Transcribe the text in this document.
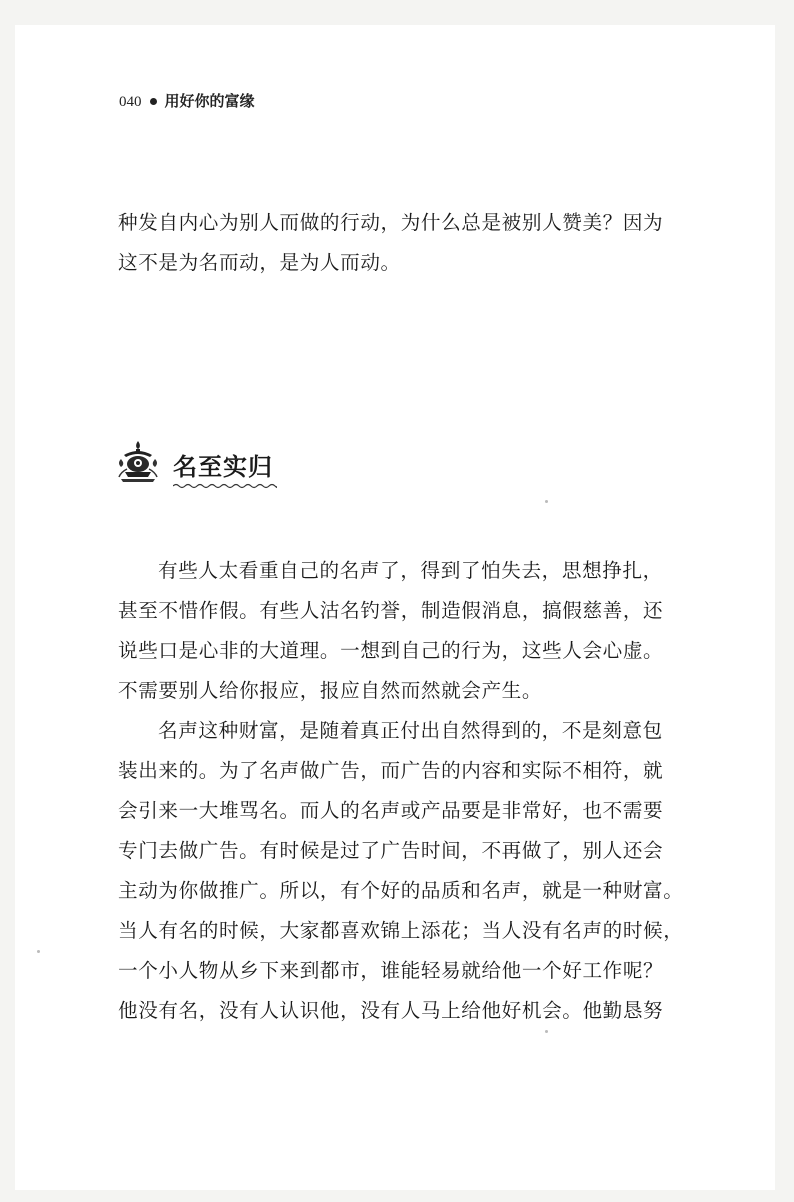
040 用好你的富缘
种发自内心为别人而做的行动，为什么总是被别人赞美？因为
这不是为名而动，是为人而动。
名至实归
有些人太看重自己的名声了，得到了怕失去，思想挣扎，
甚至不惜作假。有些人沽名钓誉，制造假消息，搞假慈善，还
说些口是心非的大道理。一想到自己的行为，这些人会心虚。
不需要别人给你报应，报应自然而然就会产生。
名声这种财富，是随着真正付出自然得到的，不是刻意包
装出来的。为了名声做广告，而广告的内容和实际不相符，就
会引来一大堆骂名。而人的名声或产品要是非常好，也不需要
专门去做广告。有时候是过了广告时间，不再做了，别人还会
主动为你做推广。所以，有个好的品质和名声，就是一种财富。
当人有名的时候，大家都喜欢锦上添花；当人没有名声的时候，
一个小人物从乡下来到都市，谁能轻易就给他一个好工作呢？
他没有名，没有人认识他，没有人马上给他好机会。他勤恳努
